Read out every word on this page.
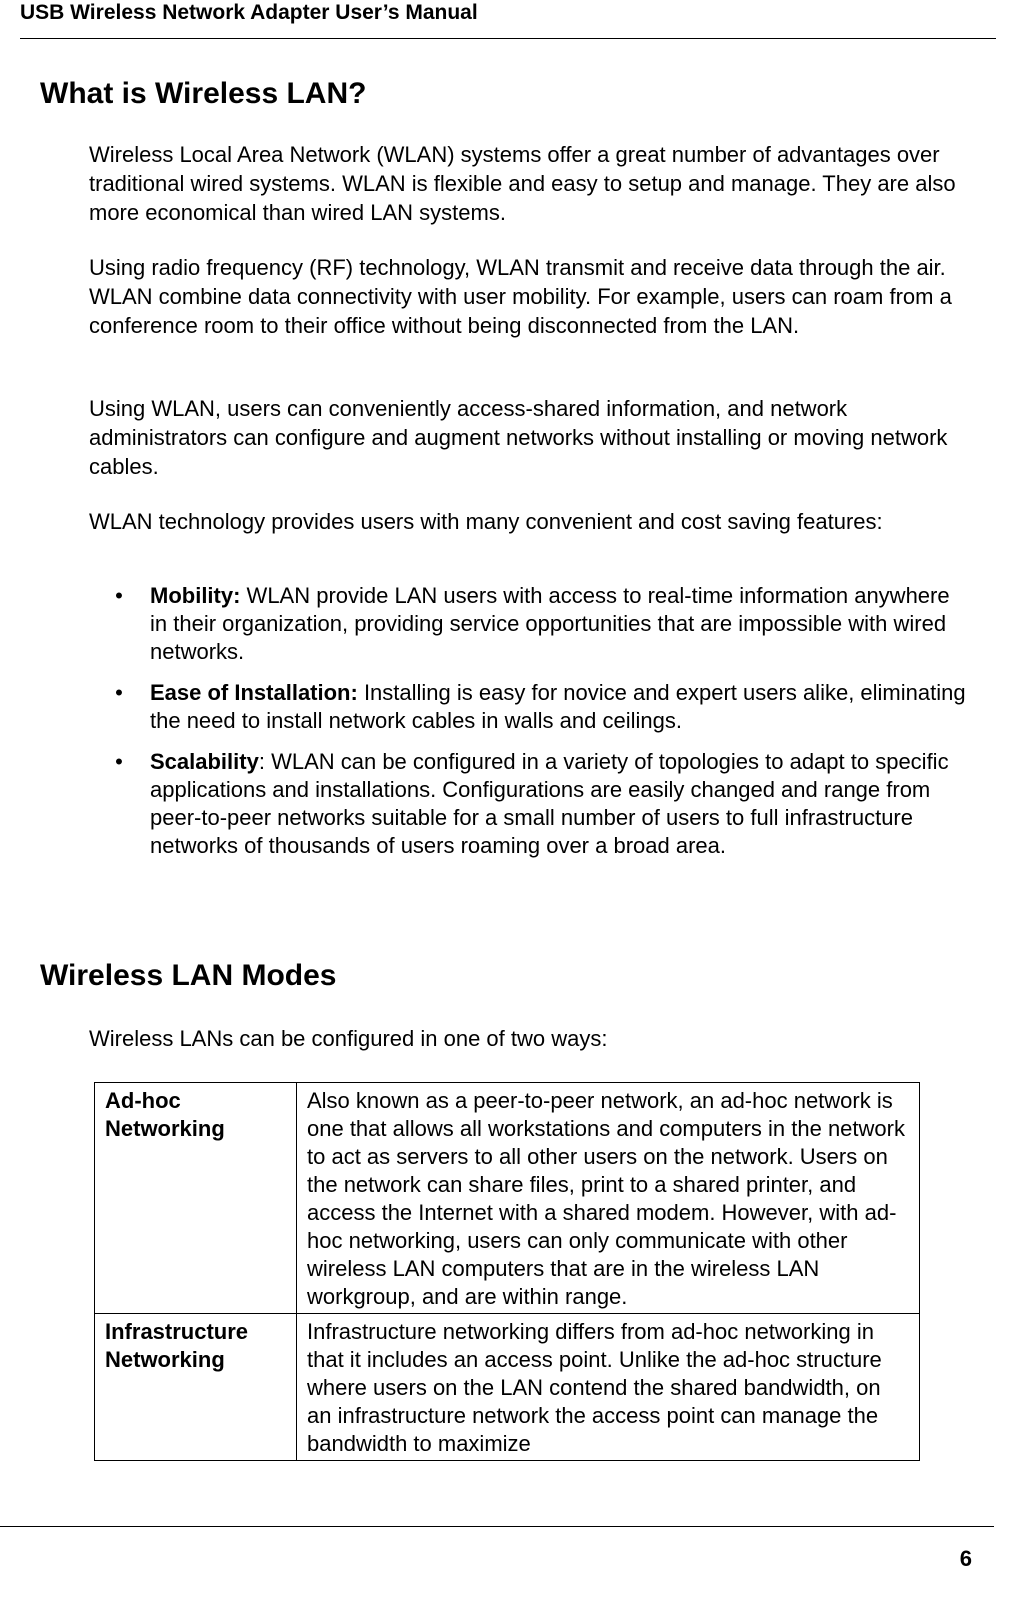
USB Wireless Network Adapter User’s Manual
What is Wireless LAN?
Wireless Local Area Network (WLAN) systems offer a great number of advantages over traditional wired systems. WLAN is flexible and easy to setup and manage. They are also more economical than wired LAN systems.
Using radio frequency (RF) technology, WLAN transmit and receive data through the air. WLAN combine data connectivity with user mobility. For example, users can roam from a conference room to their office without being disconnected from the LAN.
Using WLAN, users can conveniently access-shared information, and network administrators can configure and augment networks without installing or moving network cables.
WLAN technology provides users with many convenient and cost saving features:
• Mobility: WLAN provide LAN users with access to real-time information anywhere in their organization, providing service opportunities that are impossible with wired networks.
• Ease of Installation: Installing is easy for novice and expert users alike, eliminating the need to install network cables in walls and ceilings.
• Scalability: WLAN can be configured in a variety of topologies to adapt to specific applications and installations. Configurations are easily changed and range from peer-to-peer networks suitable for a small number of users to full infrastructure networks of thousands of users roaming over a broad area.
Wireless LAN Modes
Wireless LANs can be configured in one of two ways:
Ad-hoc Networking	Also known as a peer-to-peer network, an ad-hoc network is one that allows all workstations and computers in the network to act as servers to all other users on the network. Users on the network can share files, print to a shared printer, and access the Internet with a shared modem. However, with ad-hoc networking, users can only communicate with other wireless LAN computers that are in the wireless LAN workgroup, and are within range.
Infrastructure Networking	Infrastructure networking differs from ad-hoc networking in that it includes an access point. Unlike the ad-hoc structure where users on the LAN contend the shared bandwidth, on an infrastructure network the access point can manage the bandwidth to maximize
6
